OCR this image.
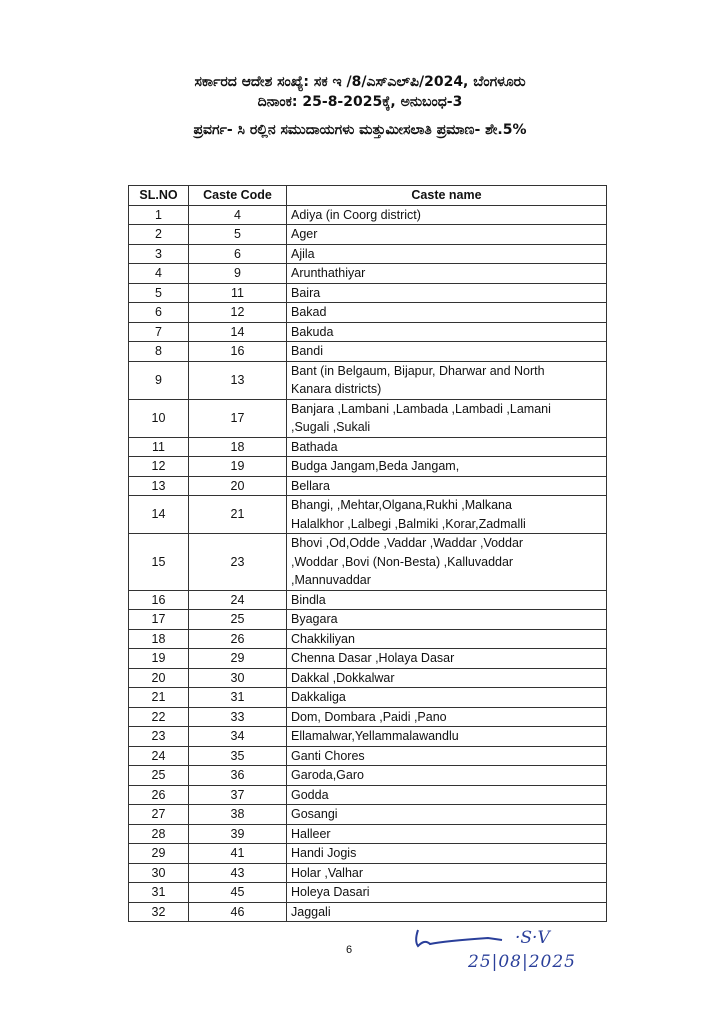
ಸರ್ಕಾರದ ಆದೇಶ ಸಂಖ್ಯೆ: ಸಕ ಇ /8/ಎಸ್‌ಎಲ್‌ಪಿ/2024, ಬೆಂಗಳೂರು
ದಿನಾಂಕ: 25-8-2025ಕ್ಕೆ, ಅನುಬಂಧ-3
ಪ್ರವರ್ಗ- ಸಿ ರಲ್ಲಿನ ಸಮುದಾಯಗಳು ಮತ್ತುಮೀಸಲಾತಿ ಪ್ರಮಾಣ- ಶೇ.5%
SL.NO	Caste Code	Caste name
1	4	Adiya (in Coorg district)

2	5	Ager

3	6	Ajila

4	9	Arunthathiyar

5	11	Baira

6	12	Bakad

7	14	Bakuda

8	16	Bandi

9	13	Bant (in Belgaum, Bijapur, Dharwar and North
Kanara districts)

10	17	Banjara ,Lambani ,Lambada ,Lambadi ,Lamani
,Sugali ,Sukali

11	18	Bathada

12	19	Budga Jangam,Beda Jangam,

13	20	Bellara

14	21	Bhangi, ,Mehtar,Olgana,Rukhi ,Malkana
Halalkhor ,Lalbegi ,Balmiki ,Korar,Zadmalli

15	23	Bhovi ,Od,Odde ,Vaddar ,Waddar ,Voddar
,Woddar ,Bovi (Non-Besta) ,Kalluvaddar
,Mannuvaddar

16	24	Bindla

17	25	Byagara

18	26	Chakkiliyan

19	29	Chenna Dasar ,Holaya Dasar

20	30	Dakkal ,Dokkalwar

21	31	Dakkaliga

22	33	Dom, Dombara ,Paidi ,Pano

23	34	Ellamalwar,Yellammalawandlu

24	35	Ganti Chores

25	36	Garoda,Garo

26	37	Godda

27	38	Gosangi

28	39	Halleer

29	41	Handi Jogis

30	43	Holar ,Valhar

31	45	Holeya Dasari

32	46	Jaggali
6
·S·V
25|08|2025
